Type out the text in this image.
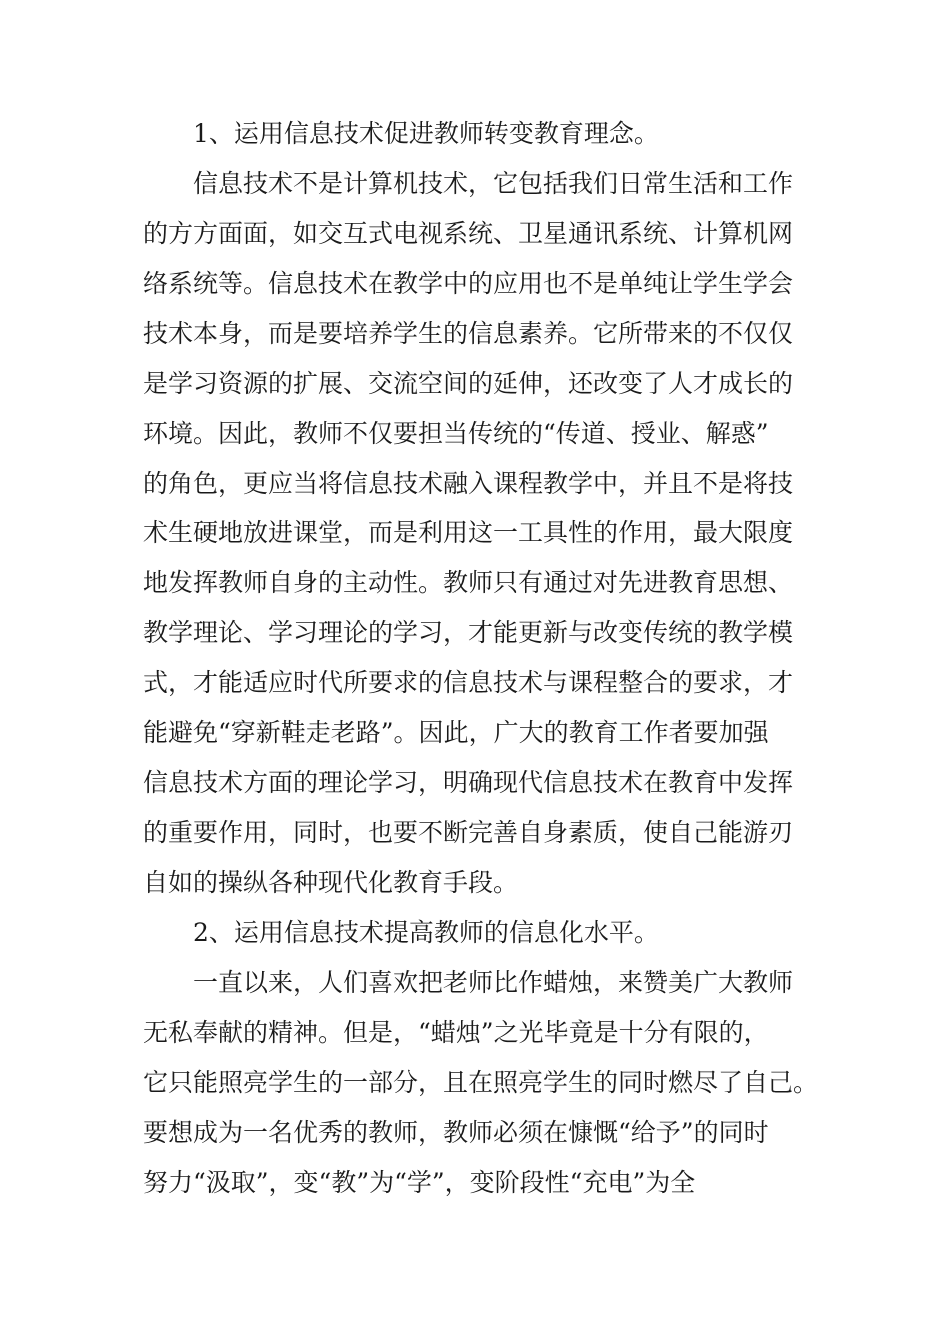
1、运用信息技术促进教师转变教育理念。
信息技术不是计算机技术，它包括我们日常生活和工作
的方方面面，如交互式电视系统、卫星通讯系统、计算机网
络系统等。信息技术在教学中的应用也不是单纯让学生学会
技术本身，而是要培养学生的信息素养。它所带来的不仅仅
是学习资源的扩展、交流空间的延伸，还改变了人才成长的
环境。因此，教师不仅要担当传统的“传道、授业、解惑”
的角色，更应当将信息技术融入课程教学中，并且不是将技
术生硬地放进课堂，而是利用这一工具性的作用，最大限度
地发挥教师自身的主动性。教师只有通过对先进教育思想、
教学理论、学习理论的学习，才能更新与改变传统的教学模
式，才能适应时代所要求的信息技术与课程整合的要求，才
能避免“穿新鞋走老路”。因此，广大的教育工作者要加强
信息技术方面的理论学习，明确现代信息技术在教育中发挥
的重要作用，同时，也要不断完善自身素质，使自己能游刃
自如的操纵各种现代化教育手段。
2、运用信息技术提高教师的信息化水平。
一直以来，人们喜欢把老师比作蜡烛，来赞美广大教师
无私奉献的精神。但是，“蜡烛”之光毕竟是十分有限的，
它只能照亮学生的一部分，且在照亮学生的同时燃尽了自己。
要想成为一名优秀的教师，教师必须在慷慨“给予”的同时
努力“汲取”，变“教”为“学”，变阶段性“充电”为全
